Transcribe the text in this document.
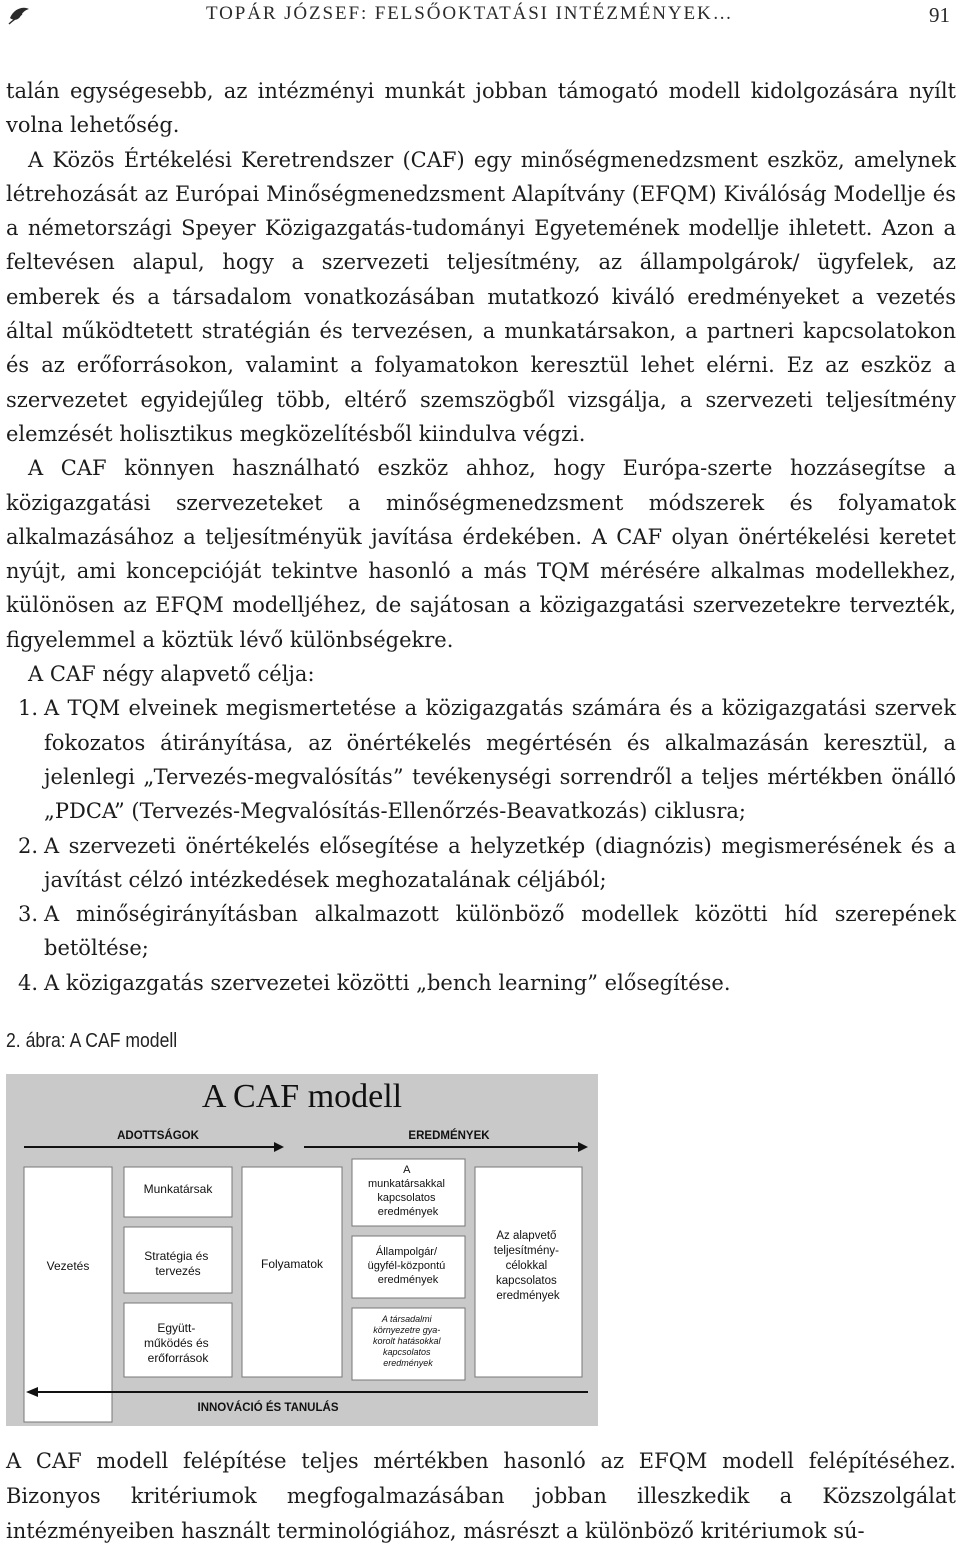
TOPÁR JÓZSEF: FELSŐOKTATÁSI INTÉZMÉNYEK…	91

talán egységesebb, az intézményi munkát jobban támogató modell kidolgozására nyílt volna lehetőség.

A Közös Értékelési Keretrendszer (CAF) egy minőségmenedzsment eszköz, amelynek létrehozását az Európai Minőségmenedzsment Alapítvány (EFQM) Kiválóság Modellje és a németországi Speyer Közigazgatás-tudományi Egyetemének modellje ihletett. Azon a feltevésen alapul, hogy a szervezeti teljesítmény, az állampolgárok/ ügyfelek, az emberek és a társadalom vonatkozásában mutatkozó kiváló eredményeket a vezetés által működtetett stratégián és tervezésen, a munkatársakon, a partneri kapcsolatokon és az erőforrásokon, valamint a folyamatokon keresztül lehet elérni. Ez az eszköz a szervezetet egyidejűleg több, eltérő szemszögből vizsgálja, a szervezeti teljesítmény elemzését holisztikus megközelítésből kiindulva végzi.

A CAF könnyen használható eszköz ahhoz, hogy Európa-szerte hozzásegítse a közigazgatási szervezeteket a minőségmenedzsment módszerek és folyamatok alkalmazásához a teljesítményük javítása érdekében. A CAF olyan önértékelési keretet nyújt, ami koncepcióját tekintve hasonló a más TQM mérésére alkalmas modellekhez, különösen az EFQM modelljéhez, de sajátosan a közigazgatási szervezetekre tervezték, figyelemmel a köztük lévő különbségekre.

A CAF négy alapvető célja:

1. A TQM elveinek megismertetése a közigazgatás számára és a közigazgatási szervek fokozatos átirányítása, az önértékelés megértésén és alkalmazásán keresztül, a jelenlegi „Tervezés-megvalósítás” tevékenységi sorrendről a teljes mértékben önálló „PDCA” (Tervezés-Megvalósítás-Ellenőrzés-Beavatkozás) ciklusra;
2. A szervezeti önértékelés elősegítése a helyzetkép (diagnózis) megismerésének és a javítást célzó intézkedések meghozatalának céljából;
3. A minőségirányításban alkalmazott különböző modellek közötti híd szerepének betöltése;
4. A közigazgatás szervezetei közötti „bench learning” elősegítése.
2. ábra: A CAF modell
A CAF modell
ADOTTSÁGOK	EREDMÉNYEK
Vezetés
Munkatársak
Stratégia és tervezés
Együtt- működés és erőforrások
Folyamatok
A munkatársakkal kapcsolatos eredmények
Állampolgár/ ügyfél-központú eredmények
A társadalmi környezetre gya- korolt hatásokkal kapcsolatos eredmények
Az alapvető teljesítmény- célokkal kapcsolatos eredmények
INNOVÁCIÓ ÉS TANULÁS

A CAF modell felépítése teljes mértékben hasonló az EFQM modell felépítéséhez. Bizonyos kritériumok megfogalmazásában jobban illeszkedik a Közszolgálat intézményeiben használt terminológiához, másrészt a különböző kritériumok sú-
